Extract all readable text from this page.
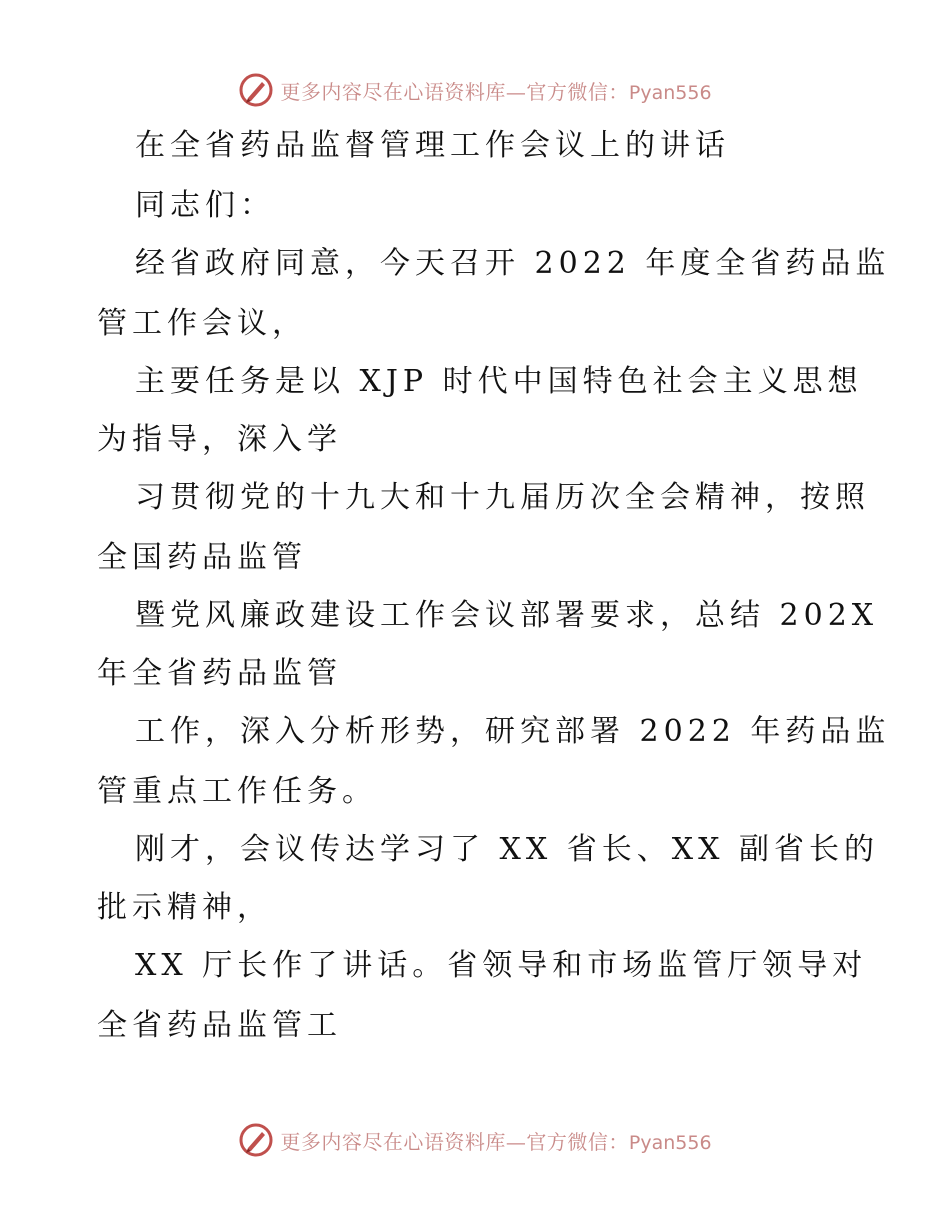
更多内容尽在心语资料库—官方微信：Pyan556
在全省药品监督管理工作会议上的讲话
同志们：
经省政府同意，今天召开 2022 年度全省药品监
管工作会议，
主要任务是以 XJP 时代中国特色社会主义思想
为指导，深入学
习贯彻党的十九大和十九届历次全会精神，按照
全国药品监管
暨党风廉政建设工作会议部署要求，总结 202X
年全省药品监管
工作，深入分析形势，研究部署 2022 年药品监
管重点工作任务。
刚才，会议传达学习了 XX 省长、XX 副省长的
批示精神，
XX 厅长作了讲话。省领导和市场监管厅领导对
全省药品监管工
更多内容尽在心语资料库—官方微信：Pyan556
